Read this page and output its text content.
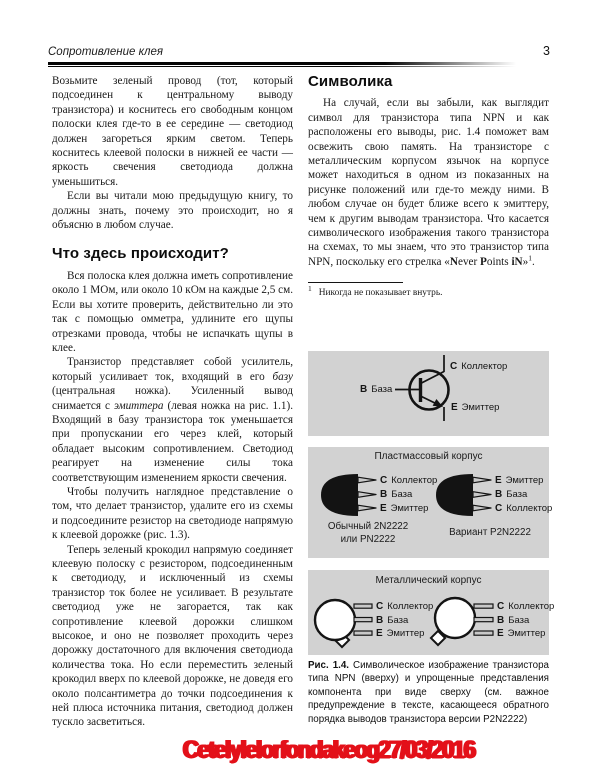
Сопротивление клея	3

Возьмите зеленый провод (тот, который подсоединен к центральному выводу транзистора) и коснитесь его свободным концом полоски клея где-то в ее середине — светодиод должен загореться ярким светом. Теперь коснитесь клеевой полоски в нижней ее части — яркость свечения светодиода должна уменьшиться.

Если вы читали мою предыдущую книгу, то должны знать, почему это происходит, но я объясню в любом случае.

Что здесь происходит?

Вся полоска клея должна иметь сопротивление около 1 МОм, или около 10 кОм на каждые 2,5 см. Если вы хотите проверить, действительно ли это так с помощью омметра, удлините его щупы отрезками провода, чтобы не испачкать щупы в клее.

Транзистор представляет собой усилитель, который усиливает ток, входящий в его базу (центральная ножка). Усиленный вывод снимается с эмиттера (левая ножка на рис. 1.1). Входящий в базу транзистора ток уменьшается при пропускании его через клей, который обладает высоким сопротивлением. Светодиод реагирует на изменение силы тока соответствующим изменением яркости свечения.

Чтобы получить наглядное представление о том, что делает транзистор, удалите его из схемы и подсоедините резистор на светодиоде напрямую к клеевой дорожке (рис. 1.3).

Теперь зеленый крокодил напрямую соединяет клеевую полоску с резистором, подсоединенным к светодиоду, и исключенный из схемы транзистор ток более не усиливает. В результате светодиод уже не загорается, так как сопротивление клеевой дорожки слишком высокое, и оно не позволяет проходить через дорожку достаточного для включения светодиода количества тока. Но если переместить зеленый крокодил вверх по клеевой дорожке, не доведя его около полсантиметра до точки подсоединения к ней плюса источника питания, светодиод должен тускло засветиться.

Символика

На случай, если вы забыли, как выглядит символ для транзистора типа NPN и как расположены его выводы, рис. 1.4 поможет вам освежить свою память. На транзисторе с металлическим корпусом язычок на корпусе может находиться в одном из показанных на рисунке положений или где-то между ними. В любом случае он будет ближе всего к эмиттеру, чем к другим выводам транзистора. Что касается символического изображения такого транзистора на схемах, то мы знаем, что это транзистор типа NPN, поскольку его стрелка «Never Points iN»$^1$.

$^1$ Никогда не показывает внутрь.
C Коллектор
B База
E Эмиттер
Пластмассовый корпус
C Коллектор
B База
E Эмиттер
E Эмиттер
B База
C Коллектор
Обычный 2N2222
или PN2222
Вариант P2N2222
Металлический корпус
C Коллектор
B База
E Эмиттер
C Коллектор
B База
E Эмиттер
Рис. 1.4. Символическое изображение транзистора типа NPN (вверху) и упрощенные представления компонента при виде сверху (см. важное предупреждение в тексте, касающееся обратного порядка выводов транзистора версии P2N2222)
Cetelylelorfondakeog27/03/2016
